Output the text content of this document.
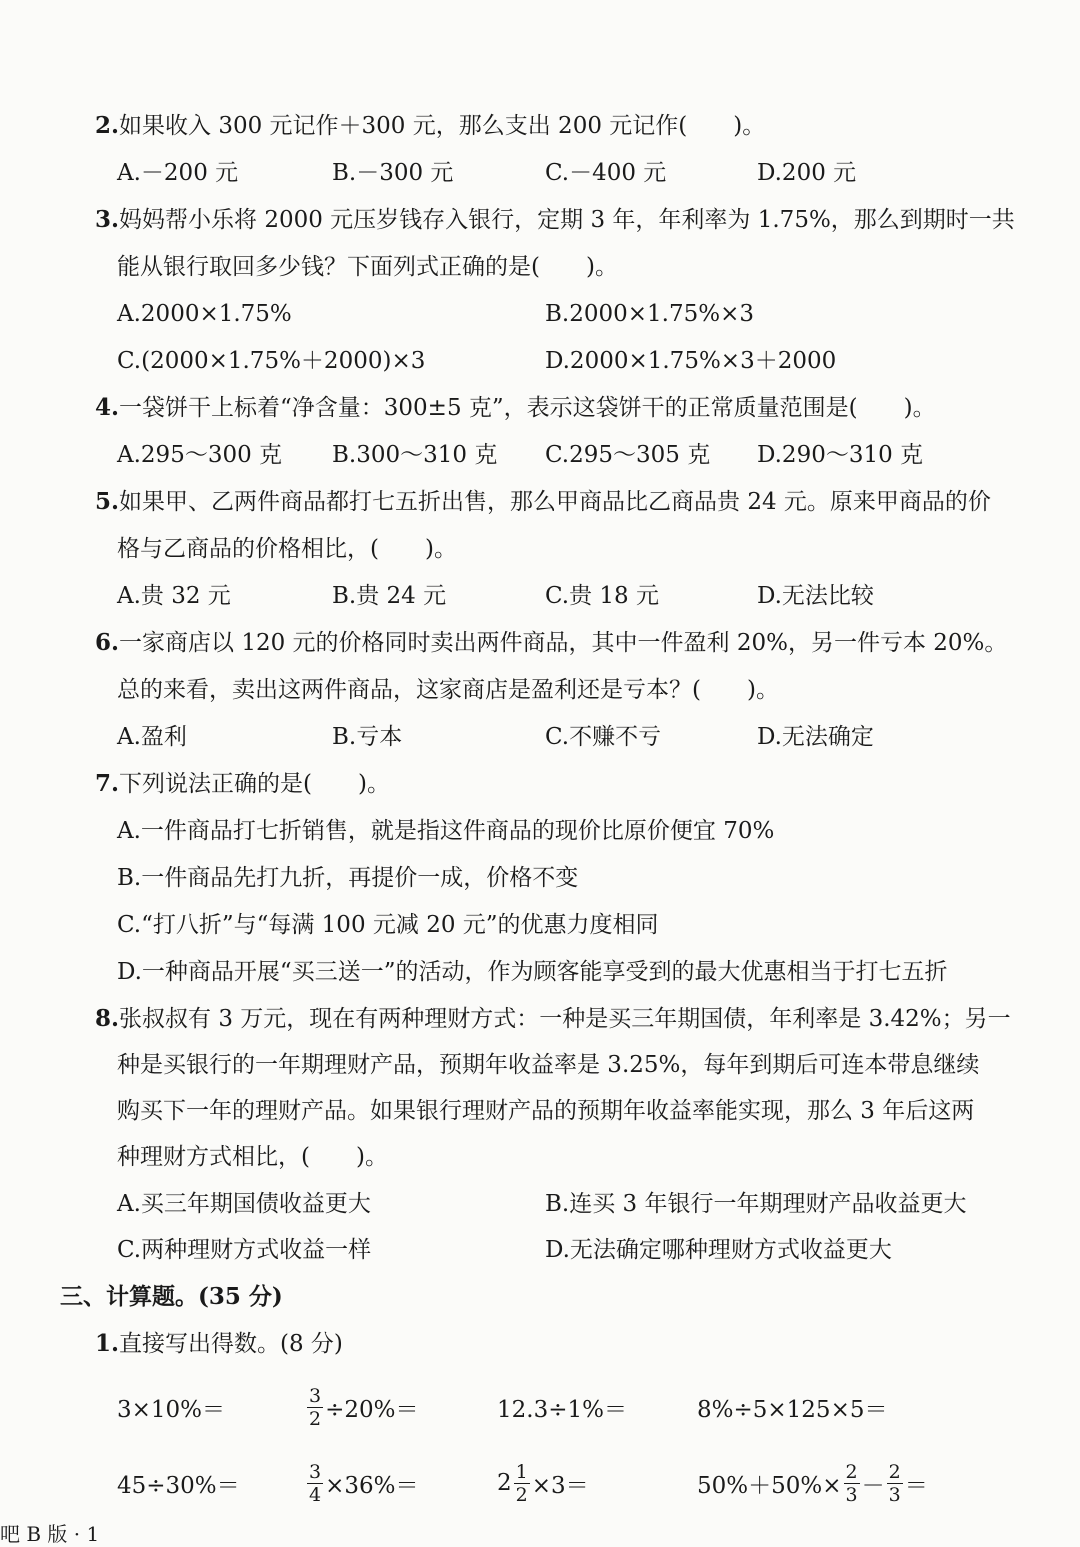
2.如果收入 300 元记作＋300 元，那么支出 200 元记作(　　)。
A.－200 元	B.－300 元	C.－400 元	D.200 元
3.妈妈帮小乐将 2000 元压岁钱存入银行，定期 3 年，年利率为 1.75%，那么到期时一共
能从银行取回多少钱？下面列式正确的是(　　)。
A.2000×1.75%	B.2000×1.75%×3
C.(2000×1.75%＋2000)×3	D.2000×1.75%×3＋2000
4.一袋饼干上标着“净含量：300±5 克”，表示这袋饼干的正常质量范围是(　　)。
A.295～300 克 B.300～310 克 C.295～305 克 D.290～310 克
5.如果甲、乙两件商品都打七五折出售，那么甲商品比乙商品贵 24 元。原来甲商品的价
格与乙商品的价格相比，(　　)。
A.贵 32 元	B.贵 24 元	C.贵 18 元	D.无法比较
6.一家商店以 120 元的价格同时卖出两件商品，其中一件盈利 20%，另一件亏本 20%。
总的来看，卖出这两件商品，这家商店是盈利还是亏本？(　　)。
A.盈利	B.亏本	C.不赚不亏	D.无法确定
7.下列说法正确的是(　　)。
A.一件商品打七折销售，就是指这件商品的现价比原价便宜 70%
B.一件商品先打九折，再提价一成，价格不变
C.“打八折”与“每满 100 元减 20 元”的优惠力度相同
D.一种商品开展“买三送一”的活动，作为顾客能享受到的最大优惠相当于打七五折
8.张叔叔有 3 万元，现在有两种理财方式：一种是买三年期国债，年利率是 3.42%；另一
种是买银行的一年期理财产品，预期年收益率是 3.25%，每年到期后可连本带息继续
购买下一年的理财产品。如果银行理财产品的预期年收益率能实现，那么 3 年后这两
种理财方式相比，(　　)。
A.买三年期国债收益更大	B.连买 3 年银行一年期理财产品收益更大
C.两种理财方式收益一样	D.无法确定哪种理财方式收益更大
三、计算题。(35 分)
1.直接写出得数。(8 分)
3×10%＝	$\frac{3}{2} \div 20\%=$	12.3÷1%＝	8%÷5×125×5＝
45÷30%＝	$\frac{3}{4} \times 36\%=$	$2 \frac{1}{2} \times 3=$	$50\%+50\%\times \frac{2}{3} - \frac{2}{3}$ ＝
吧 B 版 · 1
